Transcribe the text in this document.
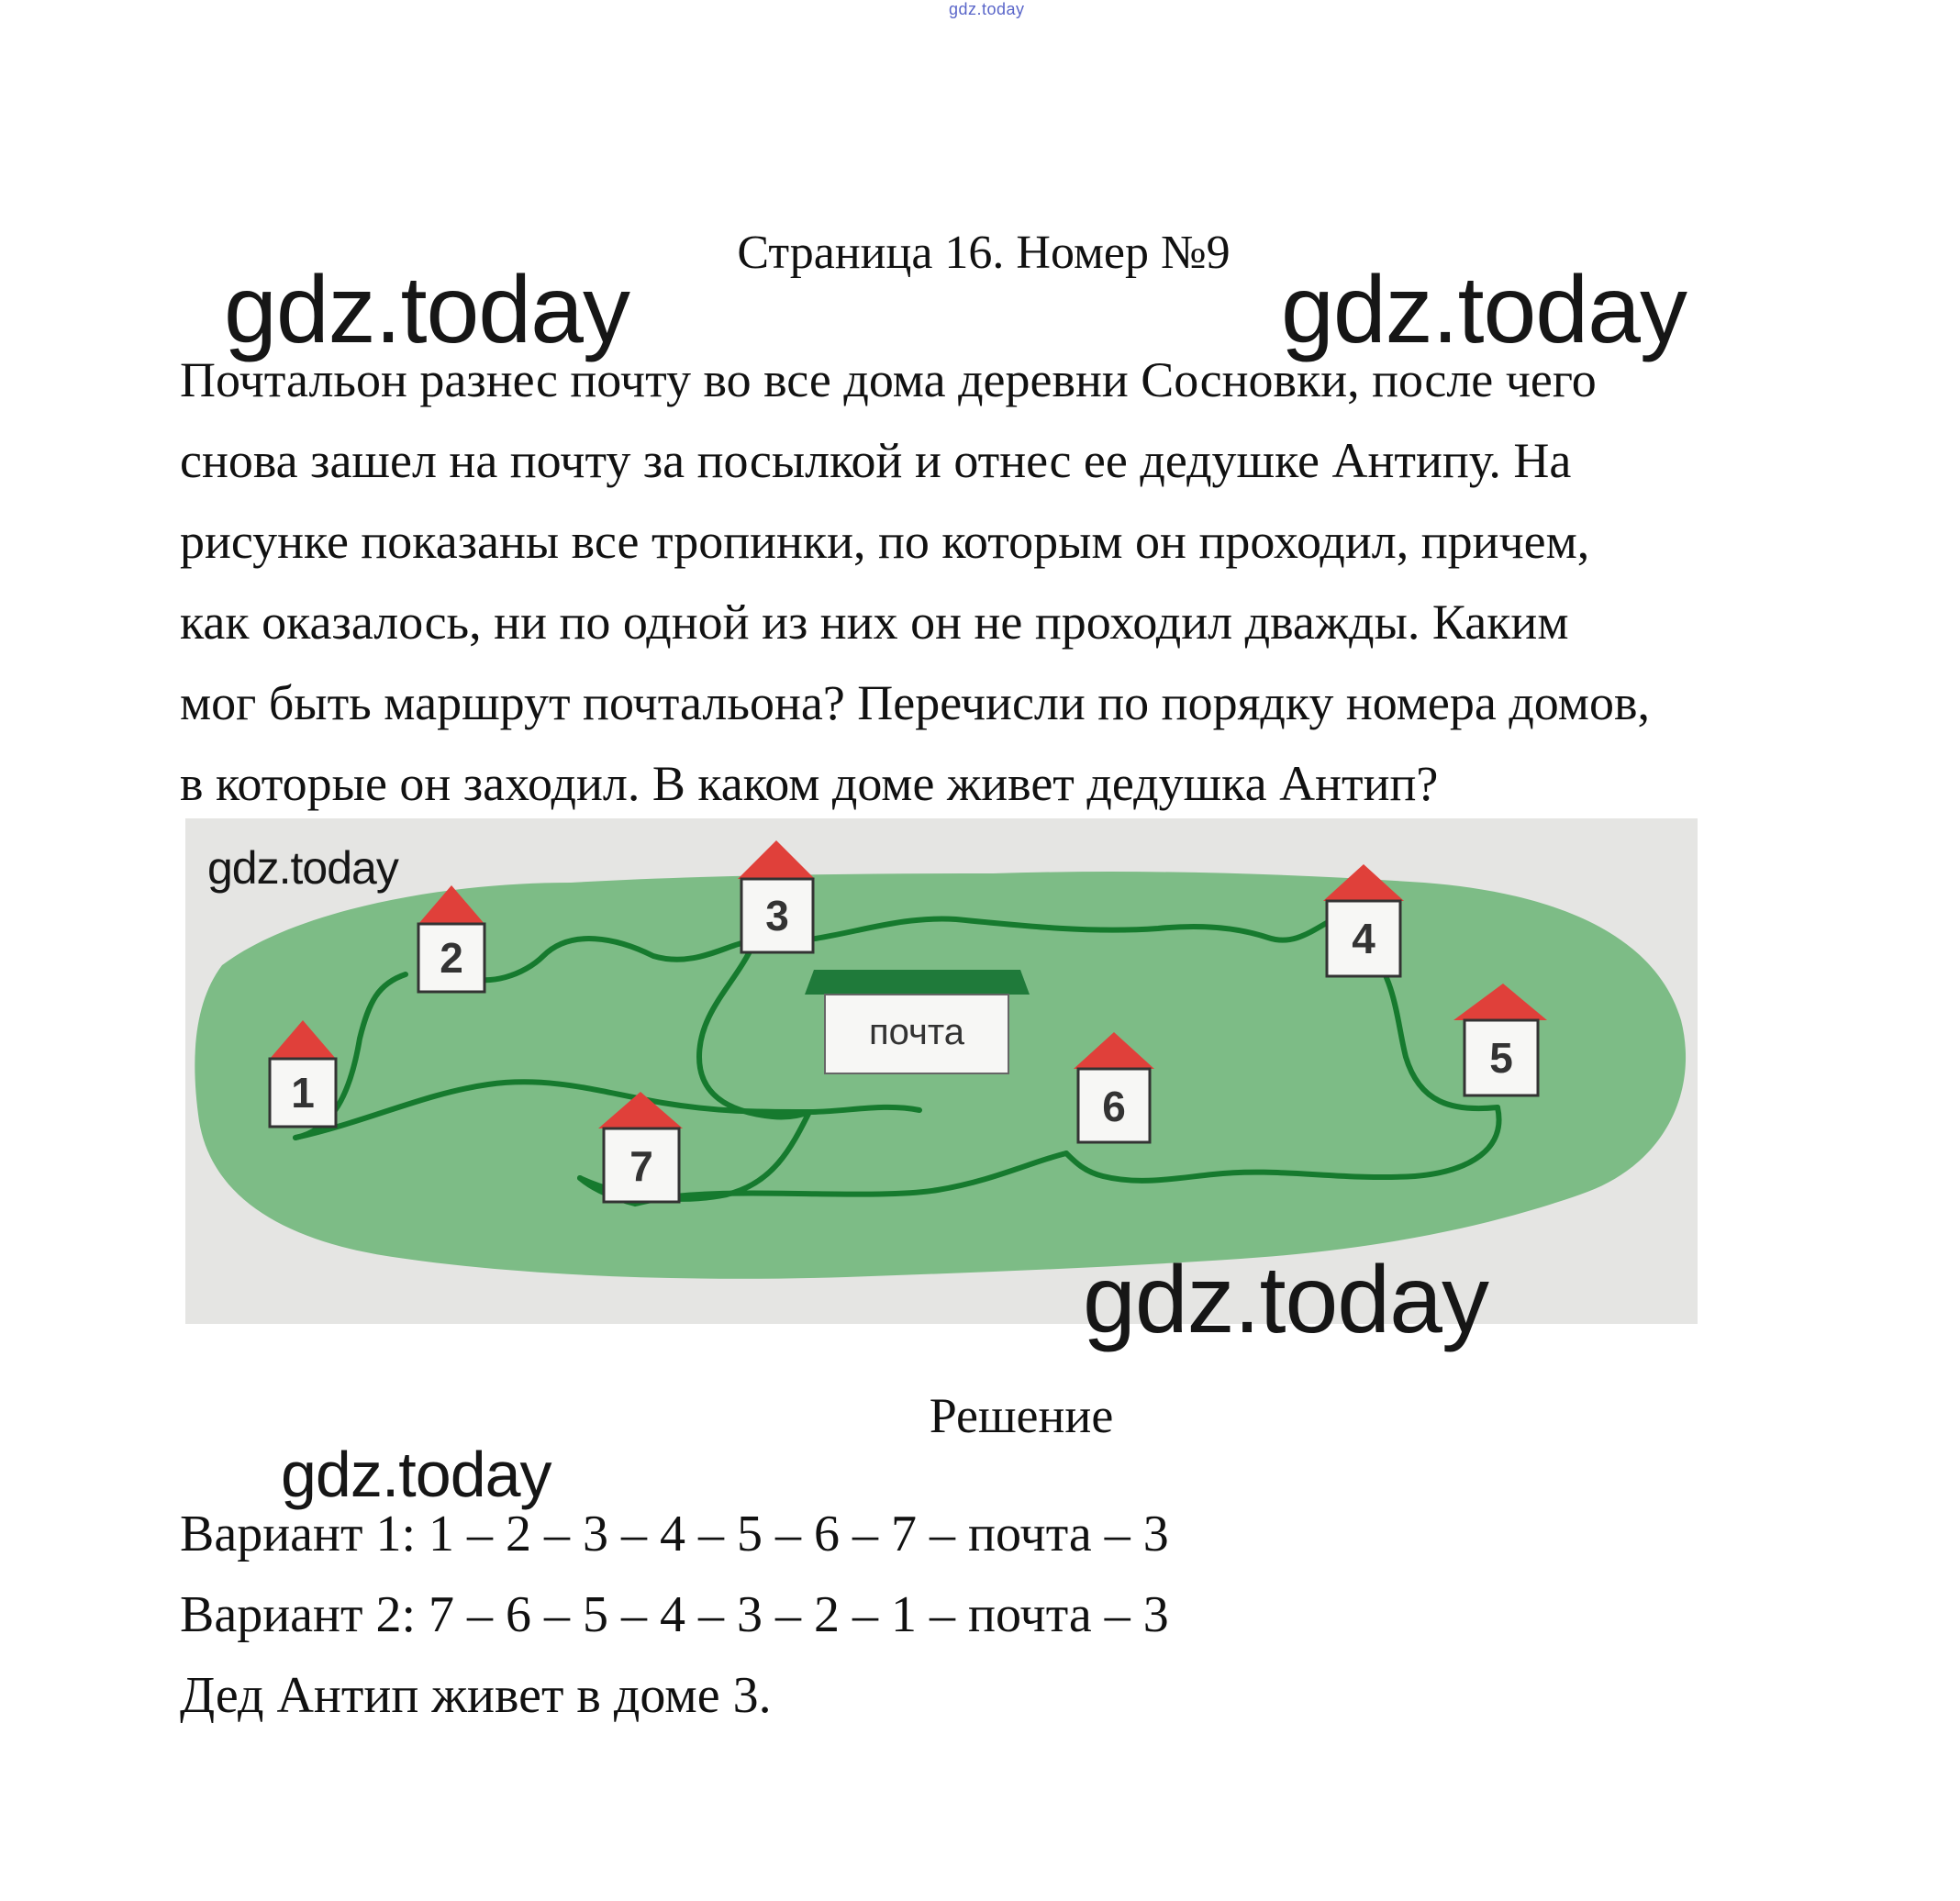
gdz.today
gdz.today	gdz.today
gdz.today
gdz.today
gdz.today
Страница 16. Номер №9
Почтальон разнес почту во все дома деревни Сосновки, после чего
снова зашел на почту за посылкой и отнес ее дедушке Антипу. На
рисунке показаны все тропинки, по которым он проходил, причем,
как оказалось, ни по одной из них он не проходил дважды. Каким
мог быть маршрут почтальона? Перечисли по порядку номера домов,
в которые он заходил. В каком доме живет дедушка Антип?
почта
1
2
3	4
5
6
7
Решение
Вариант 1: 1 – 2 – 3 – 4 – 5 – 6 – 7 – почта – 3
Вариант 2: 7 – 6 – 5 – 4 – 3 – 2 – 1 – почта – 3
Дед Антип живет в доме 3.
